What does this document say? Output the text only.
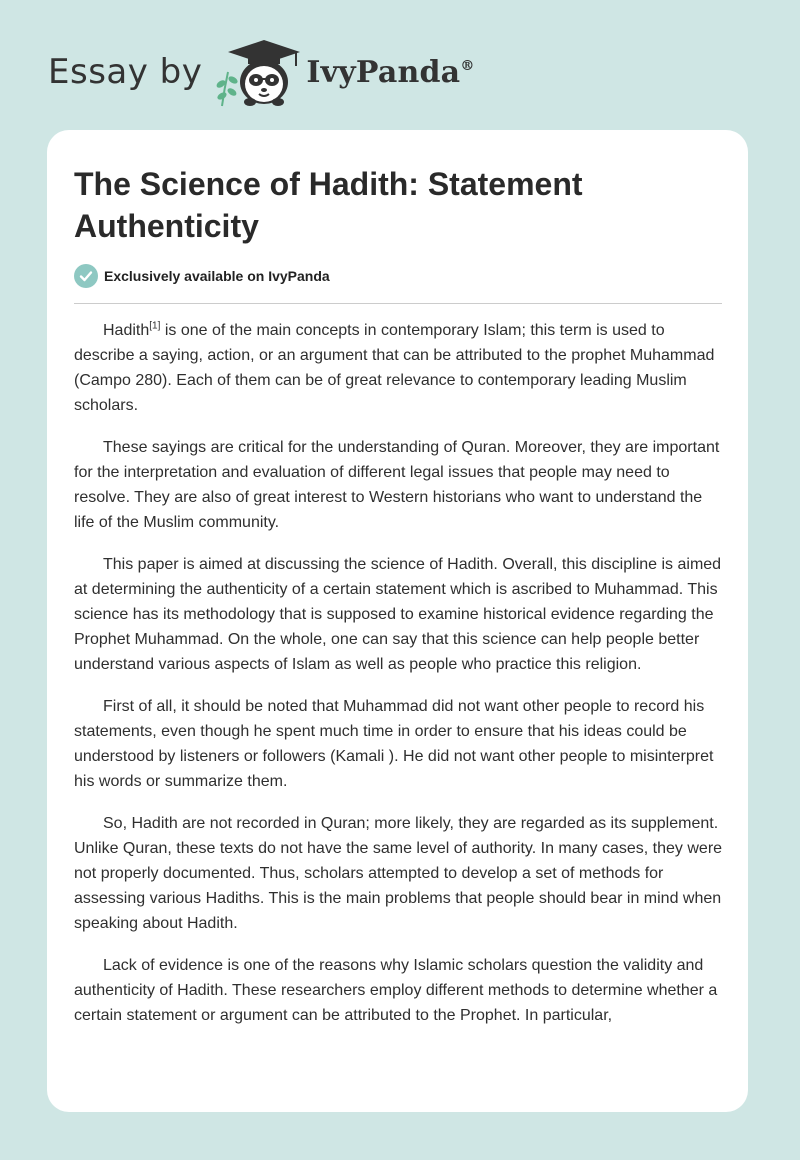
Essay by	IvyPanda®
The Science of Hadith: Statement Authenticity
Exclusively available on IvyPanda

Hadith[1] is one of the main concepts in contemporary Islam; this term is used to describe a saying, action, or an argument that can be attributed to the prophet Muhammad (Campo 280). Each of them can be of great relevance to contemporary leading Muslim scholars.

These sayings are critical for the understanding of Quran. Moreover, they are important for the interpretation and evaluation of different legal issues that people may need to resolve. They are also of great interest to Western historians who want to understand the life of the Muslim community.

This paper is aimed at discussing the science of Hadith. Overall, this discipline is aimed at determining the authenticity of a certain statement which is ascribed to Muhammad. This science has its methodology that is supposed to examine historical evidence regarding the Prophet Muhammad. On the whole, one can say that this science can help people better understand various aspects of Islam as well as people who practice this religion.

First of all, it should be noted that Muhammad did not want other people to record his statements, even though he spent much time in order to ensure that his ideas could be understood by listeners or followers (Kamali ). He did not want other people to misinterpret his words or summarize them.

So, Hadith are not recorded in Quran; more likely, they are regarded as its supplement. Unlike Quran, these texts do not have the same level of authority. In many cases, they were not properly documented. Thus, scholars attempted to develop a set of methods for assessing various Hadiths. This is the main problems that people should bear in mind when speaking about Hadith.

Lack of evidence is one of the reasons why Islamic scholars question the validity and authenticity of Hadith. These researchers employ different methods to determine whether a certain statement or argument can be attributed to the Prophet. In particular,
